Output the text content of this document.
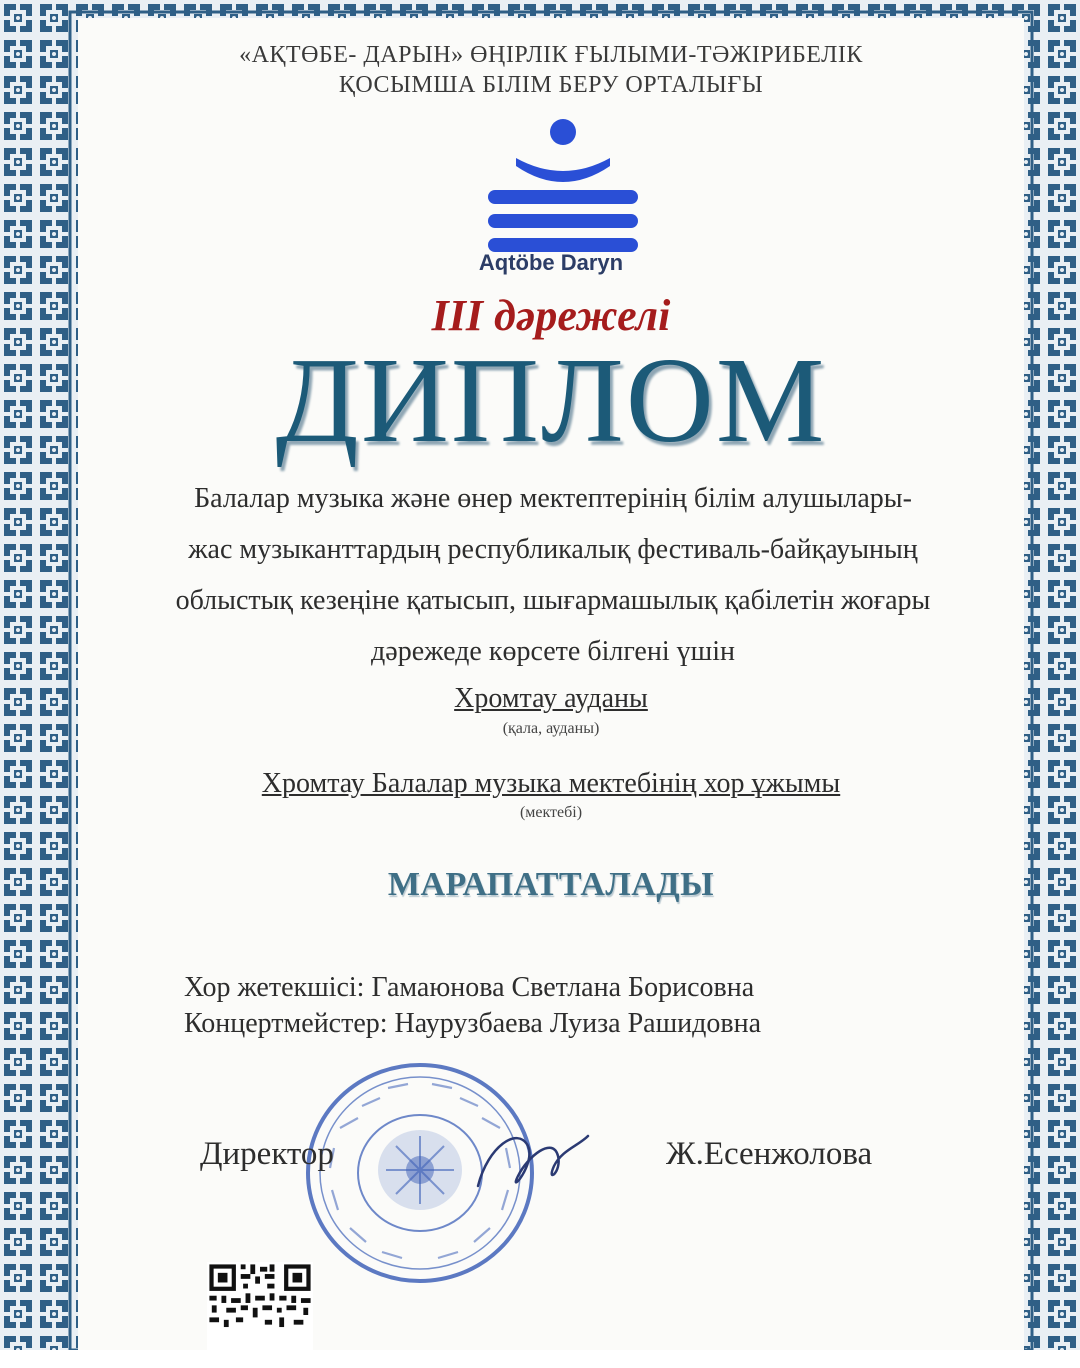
«АҚТӨБЕ- ДАРЫН» ӨҢІРЛІК ҒЫЛЫМИ-ТӘЖІРИБЕЛІК
ҚОСЫМША БІЛІМ БЕРУ ОРТАЛЫҒЫ
Aqtöbe Daryn
III дәрежелі
ДИПЛОМ
Балалар музыка және өнер мектептерінің білім алушылары-
жас музыканттардың республикалық фестиваль-байқауының
облыстық кезеңіне қатысып, шығармашылық қабілетін жоғары
дәрежеде көрсете білгені үшін
Хромтау ауданы
(қала, ауданы)
Хромтау Балалар музыка мектебінің хор ұжымы
(мектебі)
МАРАПАТТАЛАДЫ
Хор жетекшісі: Гамаюнова Светлана Борисовна
Концертмейстер: Наурузбаева Луиза Рашидовна
Директор	Ж.Есенжолова
